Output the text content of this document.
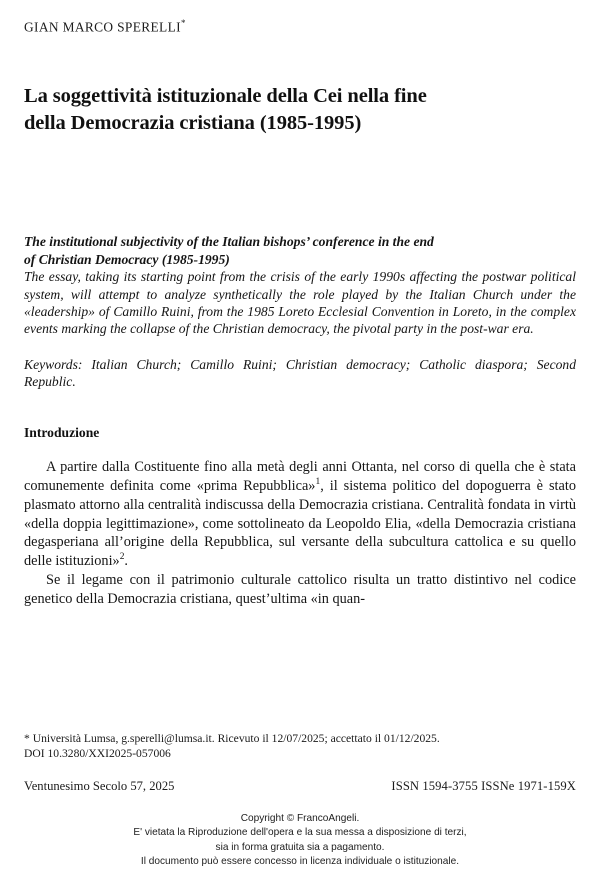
GIAN MARCO SPERELLI*

La soggettività istituzionale della Cei nella fine
della Democrazia cristiana (1985-1995)

The institutional subjectivity of the Italian bishops’ conference in the end
of Christian Democracy (1985-1995)

The essay, taking its starting point from the crisis of the early 1990s affecting the postwar political system, will attempt to analyze synthetically the role played by the Italian Church under the «leadership» of Camillo Ruini, from the 1985 Loreto Ecclesial Convention in Loreto, in the complex events marking the collapse of the Christian democracy, the pivotal party in the post-war era.

Keywords: Italian Church; Camillo Ruini; Christian democracy; Catholic diaspora; Second Republic.

Introduzione

A partire dalla Costituente fino alla metà degli anni Ottanta, nel corso di quella che è stata comunemente definita come «prima Repubblica»$^1$, il sistema politico del dopoguerra è stato plasmato attorno alla centralità indiscussa della Democrazia cristiana. Centralità fondata in virtù «della doppia legittimazione», come sottolineato da Leopoldo Elia, «della Democrazia cristiana degasperiana all’origine della Repubblica, sul versante della subcultura cattolica e su quello delle istituzioni»$^2$.

Se il legame con il patrimonio culturale cattolico risulta un tratto distintivo nel codice genetico della Democrazia cristiana, quest’ultima «in quan-

* Università Lumsa, g.sperelli@lumsa.it. Ricevuto il 12/07/2025; accettato il 01/12/2025.
DOI 10.3280/XXI2025-057006

Ventunesimo Secolo 57, 2025	ISSN 1594-3755 ISSNe 1971-159X
Copyright © FrancoAngeli.
E' vietata la Riproduzione dell'opera e la sua messa a disposizione di terzi,
sia in forma gratuita sia a pagamento.
Il documento può essere concesso in licenza individuale o istituzionale.
